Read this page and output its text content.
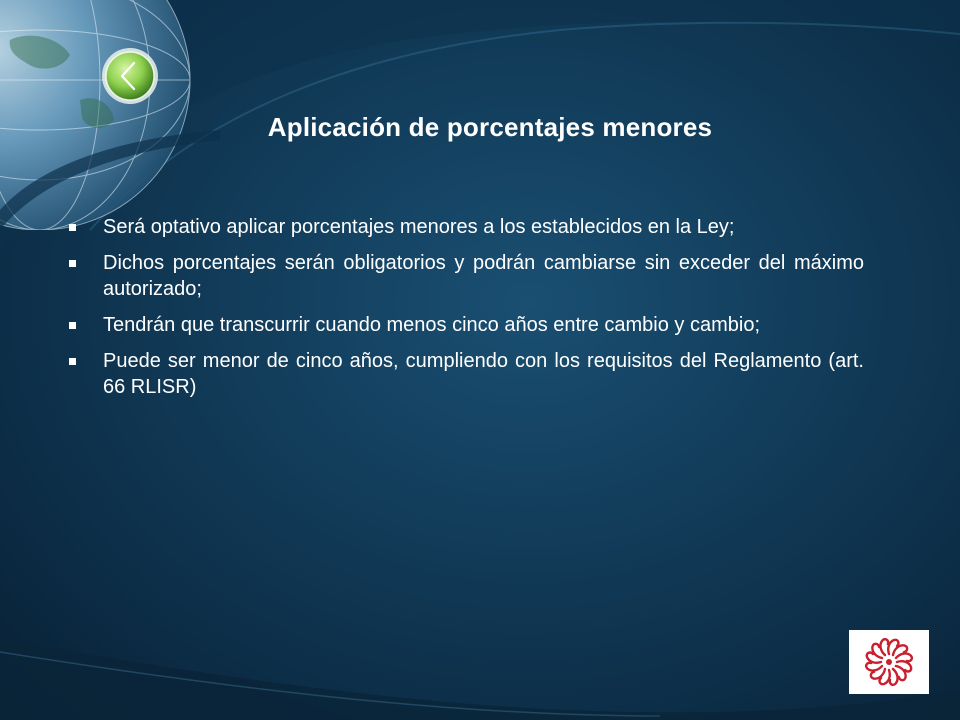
Aplicación de porcentajes menores
Será optativo aplicar porcentajes menores a los establecidos en la Ley;
Dichos porcentajes serán obligatorios y podrán cambiarse sin exceder del máximo autorizado;
Tendrán que transcurrir cuando menos cinco años entre cambio y cambio;
Puede ser menor de cinco años, cumpliendo con los requisitos del Reglamento (art. 66 RLISR)
